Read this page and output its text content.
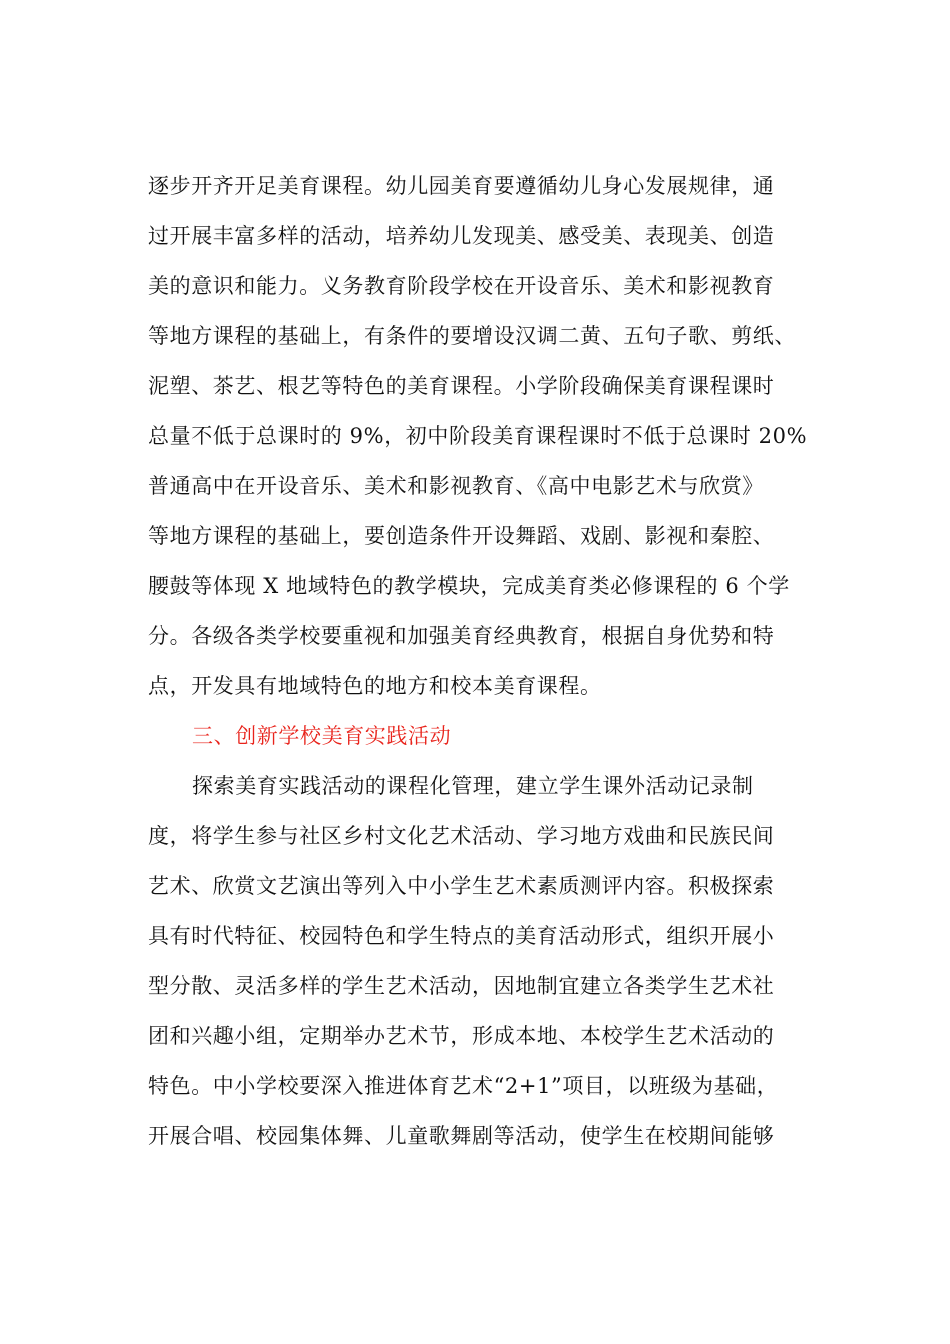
逐步开齐开足美育课程。幼儿园美育要遵循幼儿身心发展规律，通
过开展丰富多样的活动，培养幼儿发现美、感受美、表现美、创造
美的意识和能力。义务教育阶段学校在开设音乐、美术和影视教育
等地方课程的基础上，有条件的要增设汉调二黄、五句子歌、剪纸、
泥塑、茶艺、根艺等特色的美育课程。小学阶段确保美育课程课时
总量不低于总课时的 9%，初中阶段美育课程课时不低于总课时 20%
普通高中在开设音乐、美术和影视教育、《高中电影艺术与欣赏》
等地方课程的基础上，要创造条件开设舞蹈、戏剧、影视和秦腔、
腰鼓等体现 X 地域特色的教学模块，完成美育类必修课程的 6 个学
分。各级各类学校要重视和加强美育经典教育，根据自身优势和特
点，开发具有地域特色的地方和校本美育课程。
三、创新学校美育实践活动
探索美育实践活动的课程化管理，建立学生课外活动记录制
度，将学生参与社区乡村文化艺术活动、学习地方戏曲和民族民间
艺术、欣赏文艺演出等列入中小学生艺术素质测评内容。积极探索
具有时代特征、校园特色和学生特点的美育活动形式，组织开展小
型分散、灵活多样的学生艺术活动，因地制宜建立各类学生艺术社
团和兴趣小组，定期举办艺术节，形成本地、本校学生艺术活动的
特色。中小学校要深入推进体育艺术“2+1”项目，以班级为基础，
开展合唱、校园集体舞、儿童歌舞剧等活动，使学生在校期间能够
